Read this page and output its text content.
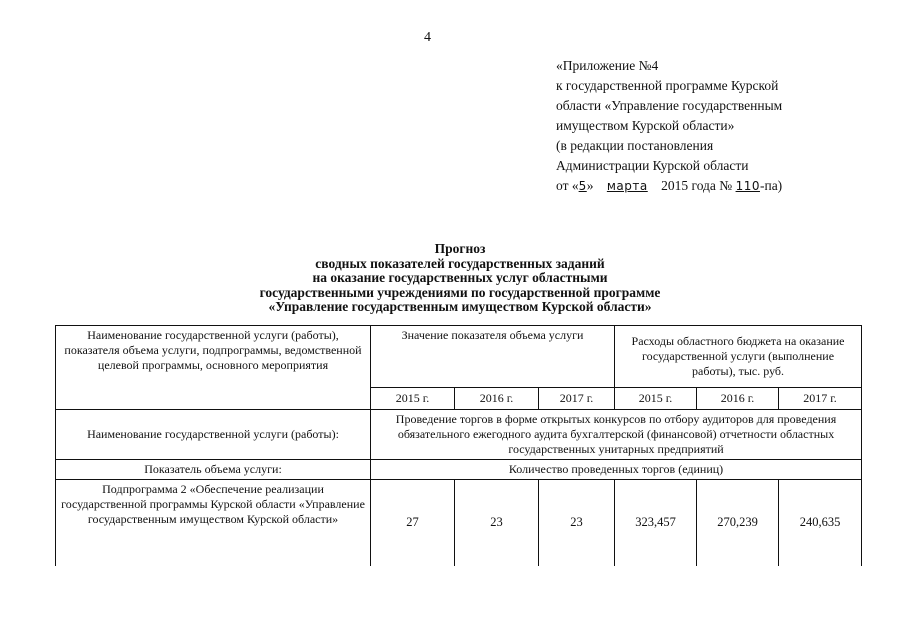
4
«Приложение №4
к государственной программе Курской
области «Управление государственным
имуществом Курской области»
(в редакции постановления
Администрации Курской области
от «5» марта 2015 года № 110-па)
Прогноз
сводных показателей государственных заданий
на оказание государственных услуг областными
государственными учреждениями по государственной программе
«Управление государственным имуществом Курской области»
Наименование государственной услуги (работы), показателя объема услуги, подпрограммы, ведомственной целевой программы, основного мероприятия	Значение показателя объема услуги			Расходы областного бюджета на оказание государственной услуги (выполнение работы), тыс. руб.		
	2015 г.	2016 г.	2017 г.	2015 г.	2016 г.	2017 г.
Наименование государственной услуги (работы):	Проведение торгов в форме открытых конкурсов по отбору аудиторов для проведения обязательного ежегодного аудита бухгалтерской (финансовой) отчетности областных государственных унитарных предприятий					
Показатель объема услуги:	Количество проведенных торгов (единиц)					
Подпрограмма 2 «Обеспечение реализации государственной программы Курской области «Управление государственным имуществом Курской области»	27	23	23	323,457	270,239	240,635
